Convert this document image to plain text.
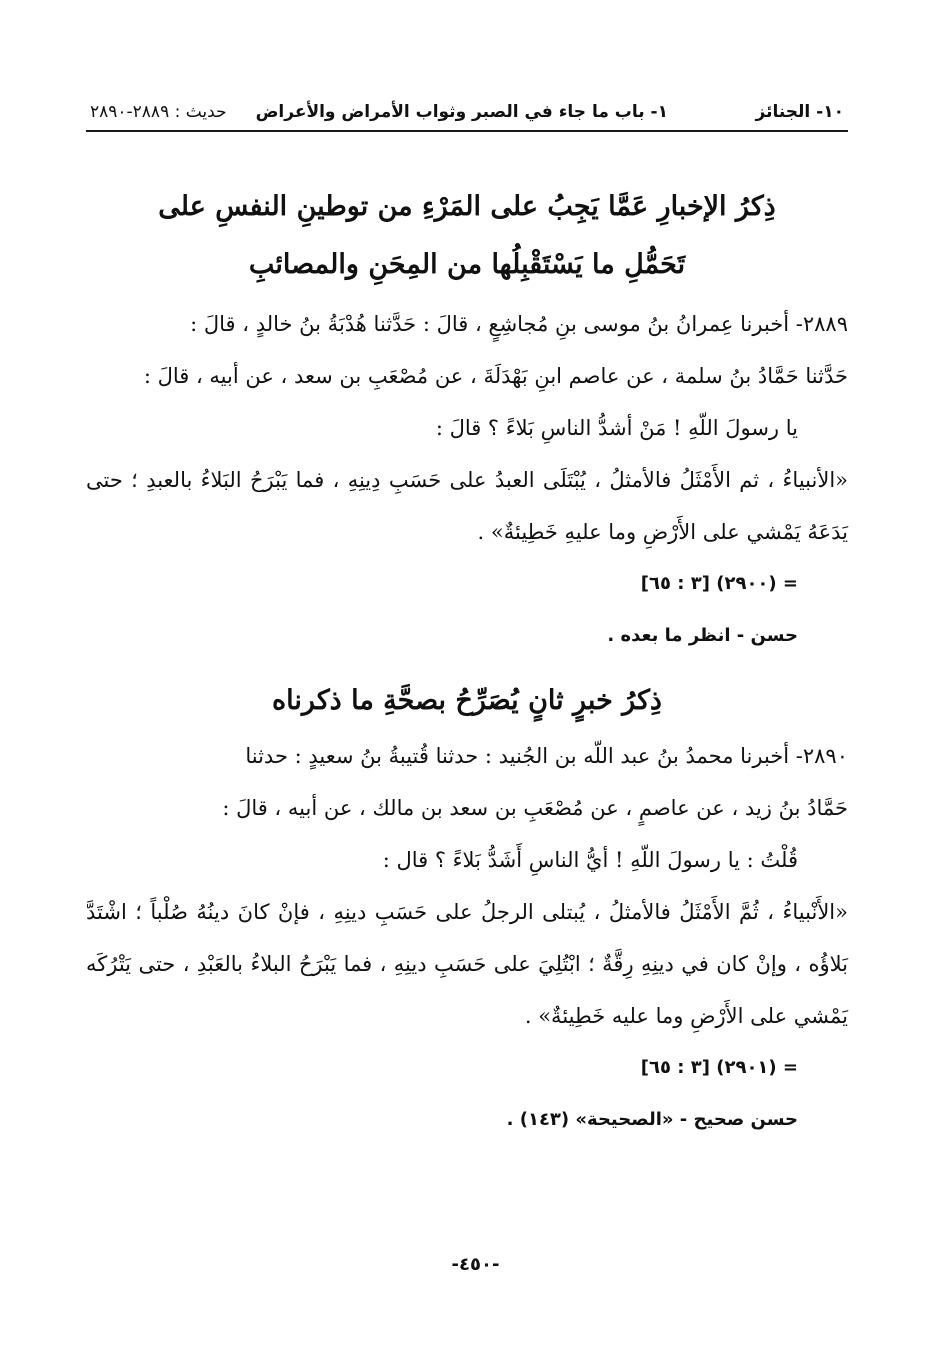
١٠- الجنائز
١- باب ما جاء في الصبر وثواب الأمراض والأعراض
حديث : ٢٨٨٩-٢٨٩٠
ذِكرُ الإخبارِ عَمَّا يَجِبُ على المَرْءِ من توطينِ النفسِ على
تَحَمُّلِ ما يَسْتَقْبِلُها من المِحَنِ والمصائبِ

٢٨٨٩- أخبرنا عِمرانُ بنُ موسى بنِ مُجاشِعٍ ، قالَ : حَدَّثنا هُدْبَةُ بنُ خالدٍ ، قالَ :

حَدَّثنا حَمَّادُ بنُ سلمة ، عن عاصم ابنِ بَهْدَلَةَ ، عن مُصْعَبِ بن سعد ، عن أبيه ، قالَ :

يا رسولَ اللّهِ ! مَنْ أشدُّ الناسِ بَلاءً ؟ قالَ :

«الأنبياءُ ، ثم الأَمْثَلُ فالأمثلُ ، يُبْتَلَى العبدُ على حَسَبِ دِينِهِ ، فما يَبْرَحُ البَلاءُ بالعبدِ ؛ حتى يَدَعَهُ يَمْشي على الأَرْضِ وما عليهِ خَطِيئةٌ» .

= (٢٩٠٠) [٣ : ٦٥]

حسن - انظر ما بعده .

ذِكرُ خبرٍ ثانٍ يُصَرِّحُ بصحَّةِ ما ذكرناه

٢٨٩٠- أخبرنا محمدُ بنُ عبد اللّه بن الجُنيد : حدثنا قُتيبةُ بنُ سعيدٍ : حدثنا

حَمَّادُ بنُ زيد ، عن عاصمٍ ، عن مُصْعَبِ بن سعد بن مالك ، عن أبيه ، قالَ :

قُلْتُ : يا رسولَ اللّهِ ! أيُّ الناسِ أَشَدُّ بَلاءً ؟ قال :

«الأَنْبياءُ ، ثُمَّ الأَمْثَلُ فالأمثلُ ، يُبتلى الرجلُ على حَسَبِ دينِهِ ، فإنْ كانَ دينُهُ صُلْباً ؛ اشْتَدَّ بَلاؤُه ، وإنْ كان في دينِهِ رِقَّةٌ ؛ ابْتُلِيَ على حَسَبِ دينِهِ ، فما يَبْرَحُ البلاءُ بالعَبْدِ ، حتى يَتْرُكَه يَمْشي على الأَرْضِ وما عليه خَطِيئةٌ» .

= (٢٩٠١) [٣ : ٦٥]

حسن صحيح - «الصحيحة» (١٤٣) .

-٤٥٠-
